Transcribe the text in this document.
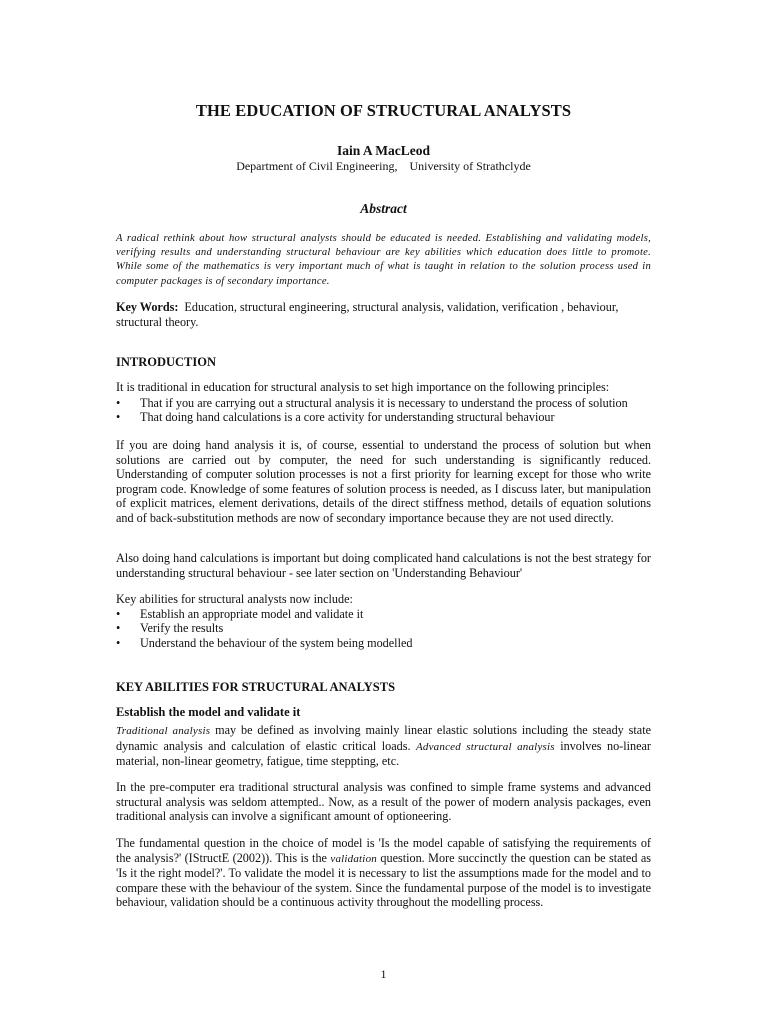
THE EDUCATION OF STRUCTURAL ANALYSTS
Iain A MacLeod
Department of Civil Engineering,    University of Strathclyde
Abstract
A radical rethink about how structural analysts should be educated is needed. Establishing and validating models, verifying results and understanding structural behaviour are key abilities which education does little to promote. While some of the mathematics is very important much of what is taught in relation to the solution process used in computer packages is of secondary importance.
Key Words: Education, structural engineering, structural analysis, validation, verification , behaviour, structural theory.
INTRODUCTION
It is traditional in education for structural analysis to set high importance on the following principles:
•	That if you are carrying out a structural analysis it is necessary to understand the process of solution
•	That doing hand calculations is a core activity for understanding structural behaviour
If you are doing hand analysis it is, of course, essential to understand the process of solution but when solutions are carried out by computer, the need for such understanding is significantly reduced. Understanding of computer solution processes is not a first priority for learning except for those who write program code. Knowledge of some features of solution process is needed, as I discuss later, but manipulation of explicit matrices, element derivations, details of the direct stiffness method, details of equation solutions and of back-substitution methods are now of secondary importance because they are not used directly.
Also doing hand calculations is important but doing complicated hand calculations is not the best strategy for understanding structural behaviour - see later section on 'Understanding Behaviour'
Key abilities for structural analysts now include:
•	Establish an appropriate model and validate it
•	Verify the results
•	Understand the behaviour of the system being modelled
KEY ABILITIES FOR STRUCTURAL ANALYSTS
Establish the model and validate it
Traditional analysis may be defined as involving mainly linear elastic solutions including the steady state dynamic analysis and calculation of elastic critical loads. Advanced structural analysis involves no-linear material, non-linear geometry, fatigue, time steppting, etc.
In the pre-computer era traditional structural analysis was confined to simple frame systems and advanced structural analysis was seldom attempted.. Now, as a result of the power of modern analysis packages, even traditional analysis can involve a significant amount of optioneering.
The fundamental question in the choice of model is 'Is the model capable of satisfying the requirements of the analysis?' (IStructE (2002)). This is the validation question. More succinctly the question can be stated as 'Is it the right model?'. To validate the model it is necessary to list the assumptions made for the model and to compare these with the behaviour of the system. Since the fundamental purpose of the model is to investigate behaviour, validation should be a continuous activity throughout the modelling process.
1
